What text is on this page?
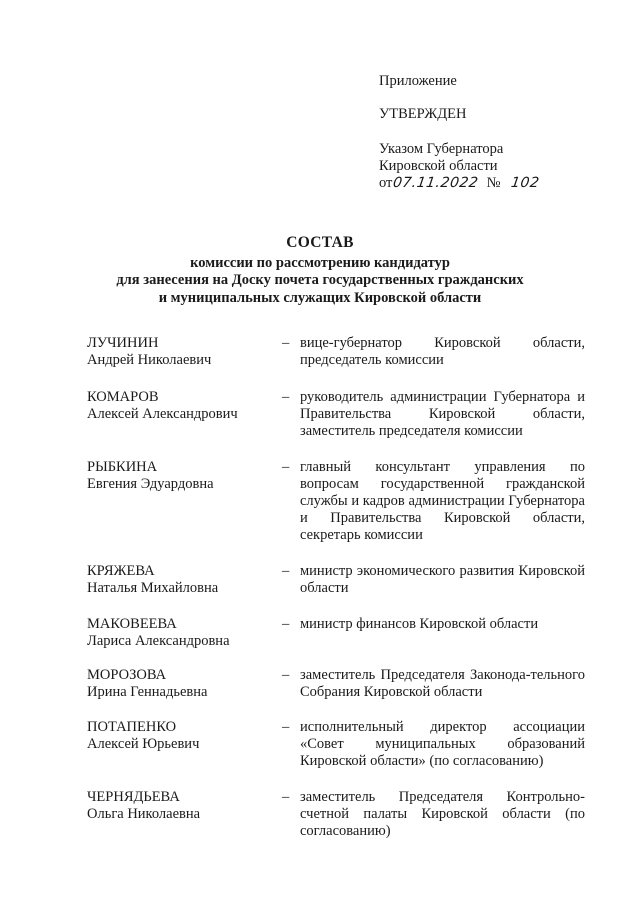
Приложение
УТВЕРЖДЕН
Указом Губернатора
Кировской области
от07.11.2022 № 102
СОСТАВ
комиссии по рассмотрению кандидатур
для занесения на Доску почета государственных гражданских
и муниципальных служащих Кировской области
ЛУЧИНИН
Андрей Николаевич
– вице-губернатор Кировской области, председатель комиссии
КОМАРОВ
Алексей Александрович
– руководитель администрации Губернатора и Правительства Кировской области, заместитель председателя комиссии
РЫБКИНА
Евгения Эдуардовна
– главный консультант управления по вопросам государственной гражданской службы и кадров администрации Губернатора и Правительства Кировской области, секретарь комиссии
КРЯЖЕВА
Наталья Михайловна
– министр экономического развития Кировской области
МАКОВЕЕВА
Лариса Александровна
– министр финансов Кировской области
МОРОЗОВА
Ирина Геннадьевна
– заместитель Председателя Законода-тельного Собрания Кировской области
ПОТАПЕНКО
Алексей Юрьевич
– исполнительный директор ассоциации «Совет муниципальных образований Кировской области» (по согласованию)
ЧЕРНЯДЬЕВА
Ольга Николаевна
– заместитель Председателя Контрольно-счетной палаты Кировской области (по согласованию)
